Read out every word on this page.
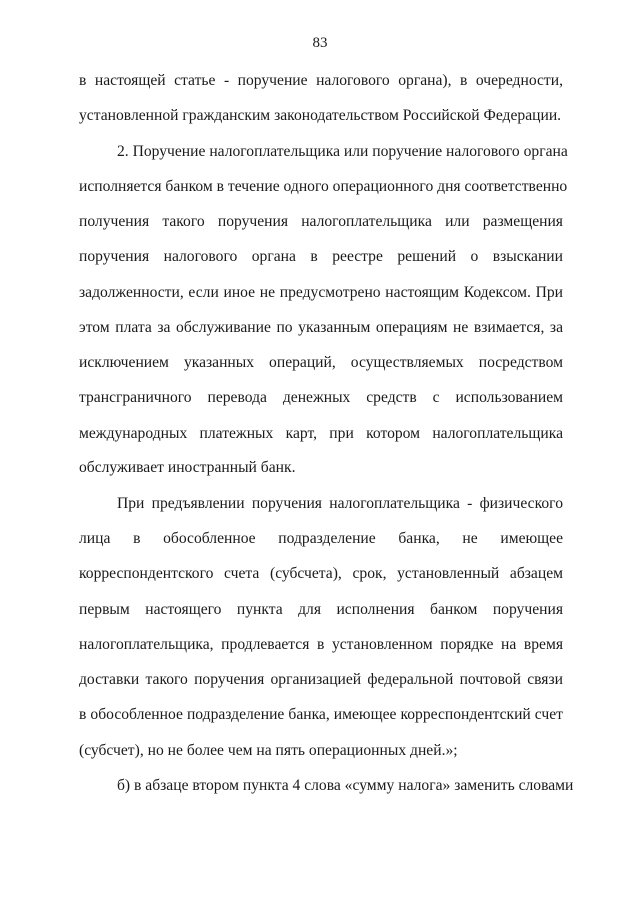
83
в настоящей статье - поручение налогового органа), в очередности,
установленной гражданским законодательством Российской Федерации.
2. Поручение налогоплательщика или поручение налогового органа
исполняется банком в течение одного операционного дня соответственно
получения такого поручения налогоплательщика или размещения
поручения налогового органа в реестре решений о взыскании
задолженности, если иное не предусмотрено настоящим Кодексом. При
этом плата за обслуживание по указанным операциям не взимается, за
исключением указанных операций, осуществляемых посредством
трансграничного перевода денежных средств с использованием
международных платежных карт, при котором налогоплательщика
обслуживает иностранный банк.
При предъявлении поручения налогоплательщика - физического
лица в обособленное подразделение банка, не имеющее
корреспондентского счета (субсчета), срок, установленный абзацем
первым настоящего пункта для исполнения банком поручения
налогоплательщика, продлевается в установленном порядке на время
доставки такого поручения организацией федеральной почтовой связи
в обособленное подразделение банка, имеющее корреспондентский счет
(субсчет), но не более чем на пять операционных дней.»;
б) в абзаце втором пункта 4 слова «сумму налога» заменить словами
